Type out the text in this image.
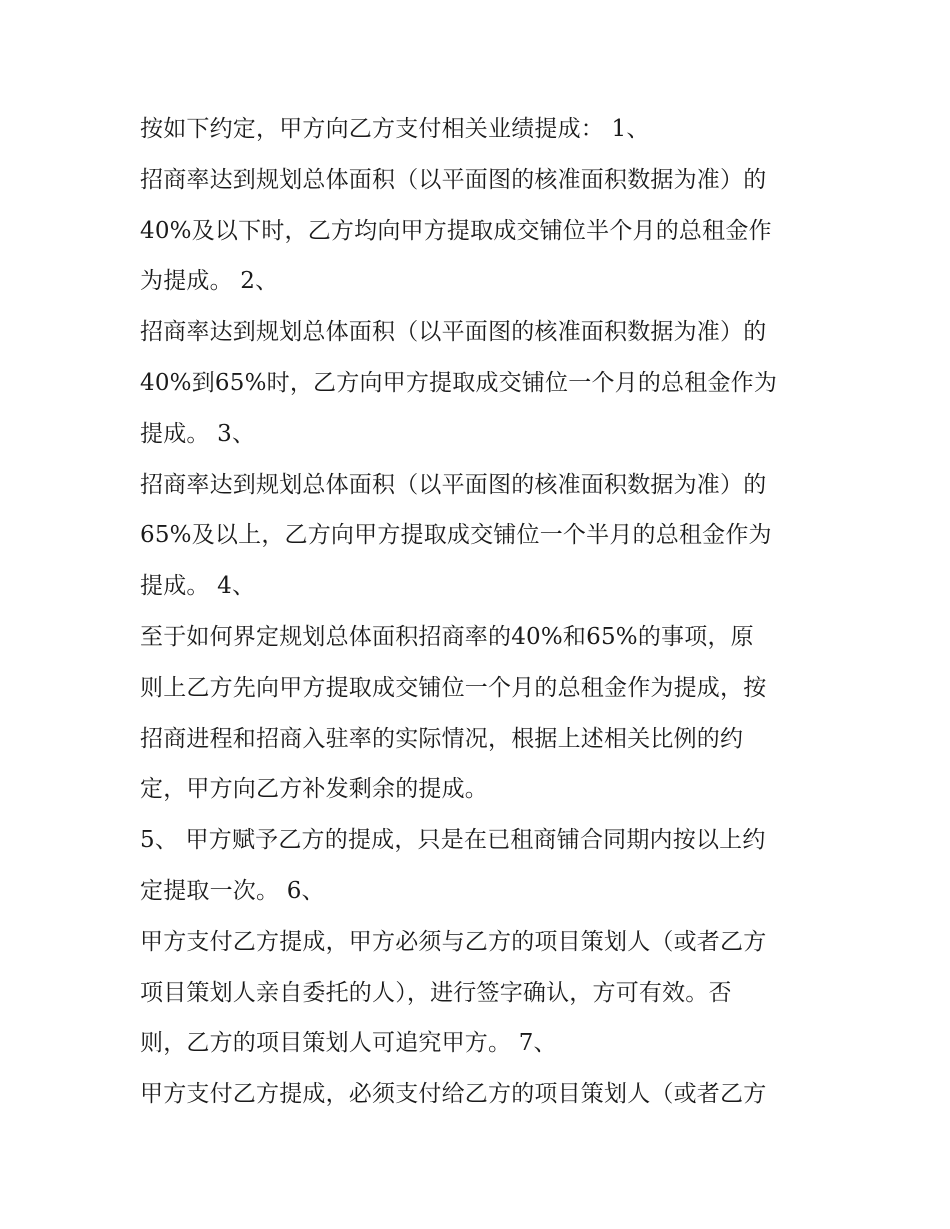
按如下约定，甲方向乙方支付相关业绩提成： 1、
招商率达到规划总体面积（以平面图的核准面积数据为准）的
40%及以下时，乙方均向甲方提取成交铺位半个月的总租金作
为提成。 2、
招商率达到规划总体面积（以平面图的核准面积数据为准）的
40%到65%时，乙方向甲方提取成交铺位一个月的总租金作为
提成。 3、
招商率达到规划总体面积（以平面图的核准面积数据为准）的
65%及以上，乙方向甲方提取成交铺位一个半月的总租金作为
提成。 4、
至于如何界定规划总体面积招商率的40%和65%的事项，原
则上乙方先向甲方提取成交铺位一个月的总租金作为提成，按
招商进程和招商入驻率的实际情况，根据上述相关比例的约
定，甲方向乙方补发剩余的提成。
5、 甲方赋予乙方的提成，只是在已租商铺合同期内按以上约
定提取一次。 6、
甲方支付乙方提成，甲方必须与乙方的项目策划人（或者乙方
项目策划人亲自委托的人），进行签字确认，方可有效。否
则，乙方的项目策划人可追究甲方。 7、
甲方支付乙方提成，必须支付给乙方的项目策划人（或者乙方
